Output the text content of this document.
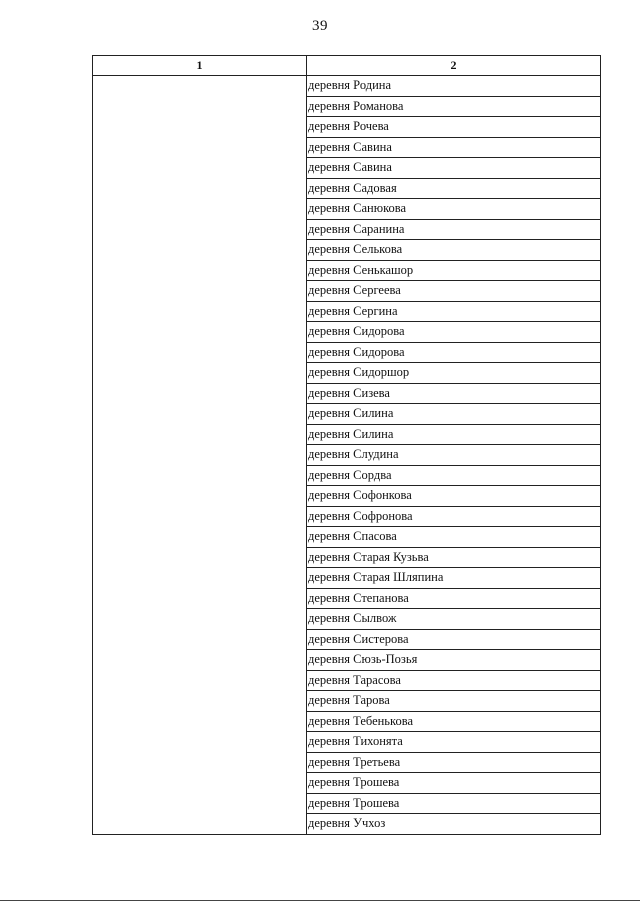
39
1	2
	деревня Родина
	деревня Романова
	деревня Рочева
	деревня Савина
	деревня Савина
	деревня Садовая
	деревня Санюкова
	деревня Саранина
	деревня Селькова
	деревня Сенькашор
	деревня Сергеева
	деревня Сергина
	деревня Сидорова
	деревня Сидорова
	деревня Сидоршор
	деревня Сизева
	деревня Силина
	деревня Силина
	деревня Слудина
	деревня Сордва
	деревня Софонкова
	деревня Софронова
	деревня Спасова
	деревня Старая Кузьва
	деревня Старая Шляпина
	деревня Степанова
	деревня Сылвож
	деревня Систерова
	деревня Сюзь-Позья
	деревня Тарасова
	деревня Тарова
	деревня Тебенькова
	деревня Тихонята
	деревня Третьева
	деревня Трошева
	деревня Трошева
	деревня Учхоз
